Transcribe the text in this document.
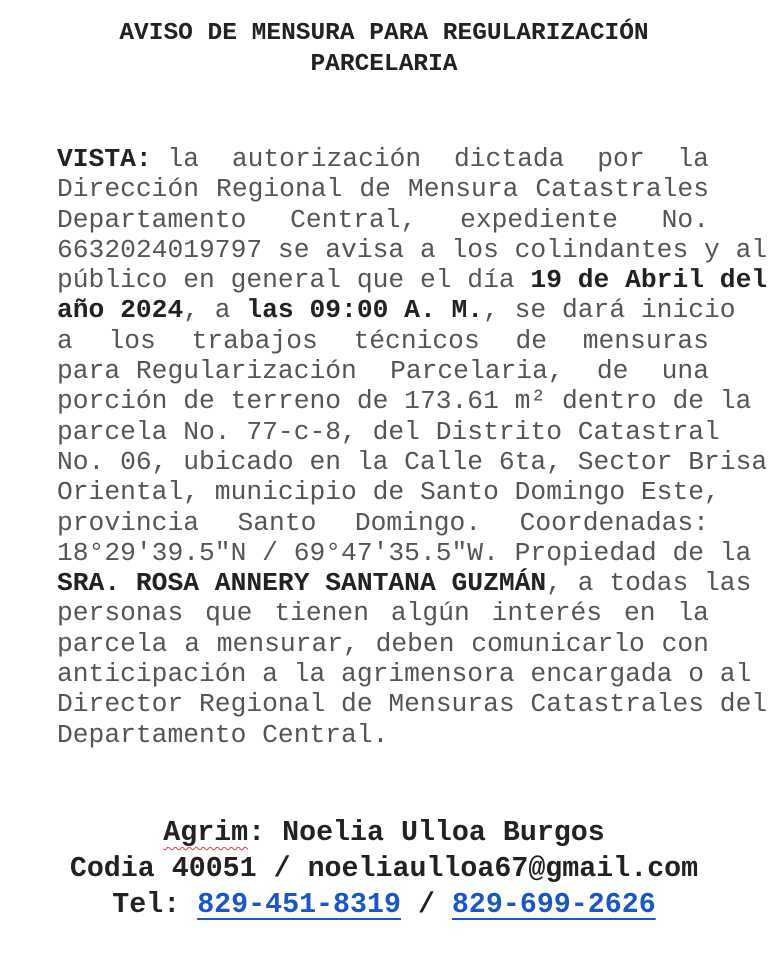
AVISO DE MENSURA PARA REGULARIZACIÓN
PARCELARIA
VISTA: la autorización dictada por la
Dirección Regional de Mensura Catastrales
Departamento Central, expediente No.
6632024019797 se avisa a los colindantes y al
público en general que el día 19 de Abril del
año 2024, a las 09:00 A. M., se dará inicio
a los trabajos técnicos de mensuras
para Regularización Parcelaria, de una
porción de terreno de 173.61 m² dentro de la
parcela No. 77-c-8, del Distrito Catastral
No. 06, ubicado en la Calle 6ta, Sector Brisa
Oriental, municipio de Santo Domingo Este,
provincia Santo Domingo. Coordenadas:
18°29'39.5"N / 69°47'35.5"W. Propiedad de la
SRA. ROSA ANNERY SANTANA GUZMÁN, a todas las
personas que tienen algún interés en la
parcela a mensurar, deben comunicarlo con
anticipación a la agrimensora encargada o al
Director Regional de Mensuras Catastrales del
Departamento Central.
Agrim: Noelia Ulloa Burgos
Codia 40051 / noeliaulloa67@gmail.com
Tel: 829-451-8319 / 829-699-2626
